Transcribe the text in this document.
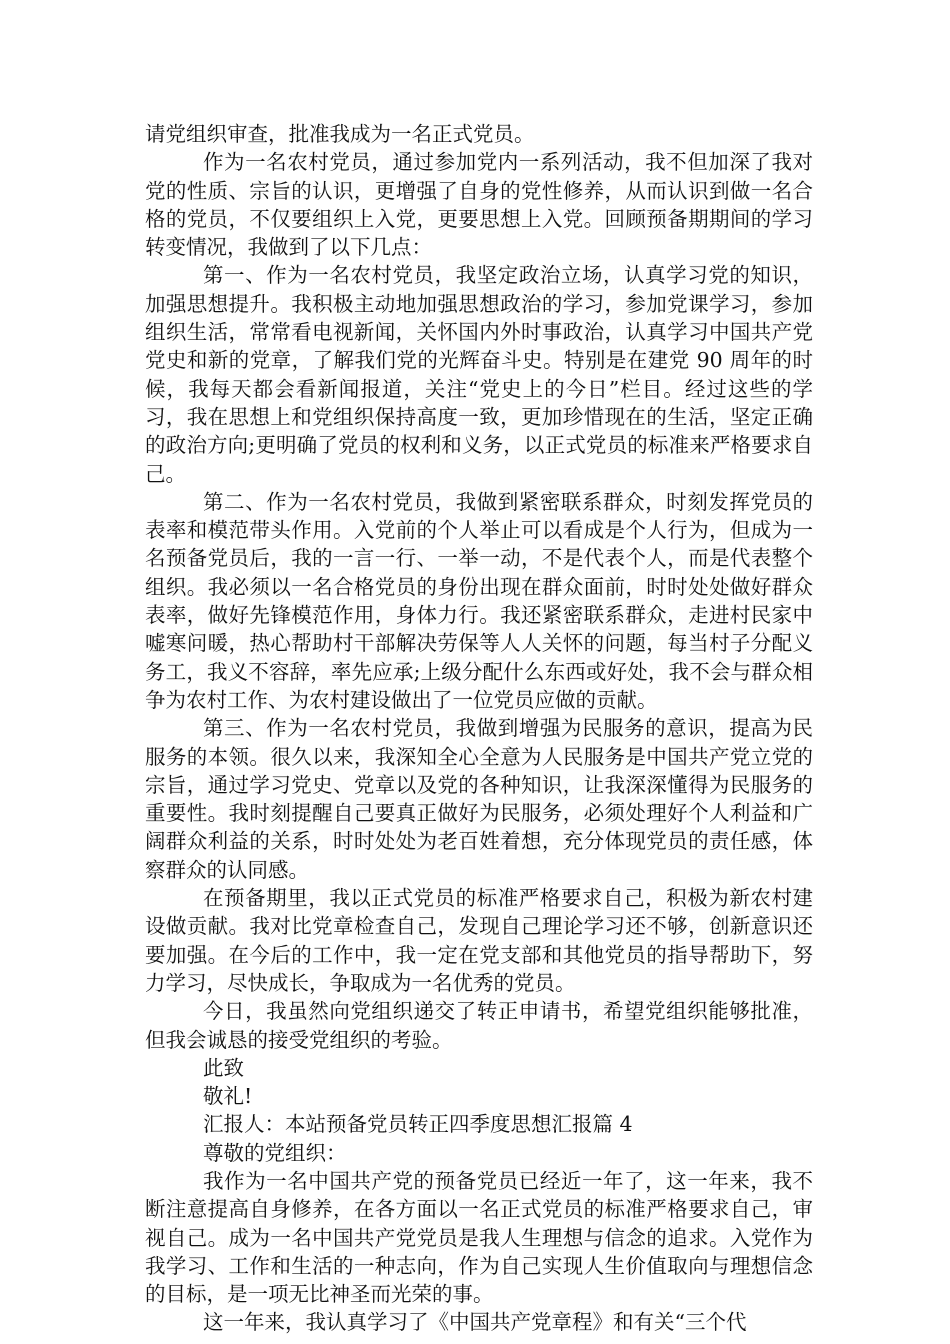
请党组织审查，批准我成为一名正式党员。

作为一名农村党员，通过参加党内一系列活动，我不但加深了我对党的性质、宗旨的认识，更增强了自身的党性修养，从而认识到做一名合格的党员，不仅要组织上入党，更要思想上入党。回顾预备期期间的学习转变情况，我做到了以下几点：

第一、作为一名农村党员，我坚定政治立场，认真学习党的知识，加强思想提升。我积极主动地加强思想政治的学习，参加党课学习，参加组织生活，常常看电视新闻，关怀国内外时事政治，认真学习中国共产党党史和新的党章，了解我们党的光辉奋斗史。特别是在建党 90 周年的时候，我每天都会看新闻报道，关注“党史上的今日”栏目。经过这些的学习，我在思想上和党组织保持高度一致，更加珍惜现在的生活，坚定正确的政治方向;更明确了党员的权利和义务，以正式党员的标准来严格要求自己。

第二、作为一名农村党员，我做到紧密联系群众，时刻发挥党员的表率和模范带头作用。入党前的个人举止可以看成是个人行为，但成为一名预备党员后，我的一言一行、一举一动，不是代表个人，而是代表整个组织。我必须以一名合格党员的身份出现在群众面前，时时处处做好群众表率，做好先锋模范作用，身体力行。我还紧密联系群众，走进村民家中嘘寒问暖，热心帮助村干部解决劳保等人人关怀的问题，每当村子分配义务工，我义不容辞，率先应承;上级分配什么东西或好处，我不会与群众相争为农村工作、为农村建设做出了一位党员应做的贡献。

第三、作为一名农村党员，我做到增强为民服务的意识，提高为民服务的本领。很久以来，我深知全心全意为人民服务是中国共产党立党的宗旨，通过学习党史、党章以及党的各种知识，让我深深懂得为民服务的重要性。我时刻提醒自己要真正做好为民服务，必须处理好个人利益和广阔群众利益的关系，时时处处为老百姓着想，充分体现党员的责任感，体察群众的认同感。

在预备期里，我以正式党员的标准严格要求自己，积极为新农村建设做贡献。我对比党章检查自己，发现自己理论学习还不够，创新意识还要加强。在今后的工作中，我一定在党支部和其他党员的指导帮助下，努力学习，尽快成长，争取成为一名优秀的党员。

今日，我虽然向党组织递交了转正申请书，希望党组织能够批准，但我会诚恳的接受党组织的考验。

此致

敬礼!

汇报人：本站预备党员转正四季度思想汇报篇 4

尊敬的党组织：

我作为一名中国共产党的预备党员已经近一年了，这一年来，我不断注意提高自身修养，在各方面以一名正式党员的标准严格要求自己，审视自己。成为一名中国共产党党员是我人生理想与信念的追求。入党作为我学习、工作和生活的一种志向，作为自己实现人生价值取向与理想信念的目标，是一项无比神圣而光荣的事。

这一年来，我认真学习了《中国共产党章程》和有关“三个代
